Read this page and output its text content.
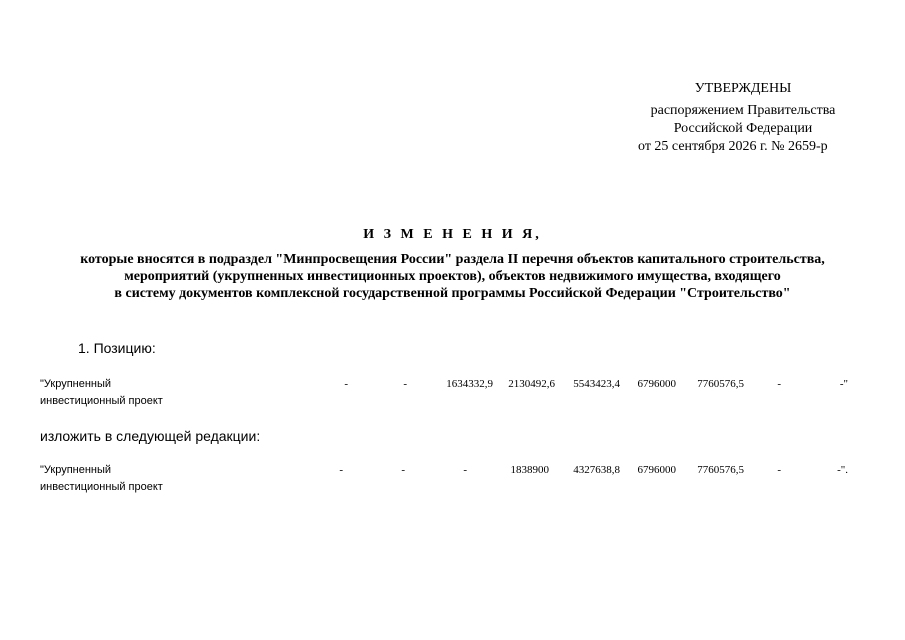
УТВЕРЖДЕНЫ
распоряжением Правительства
Российской Федерации
от 25 сентября 2026 г. № 2659-р
И З М Е Н Е Н И Я,
которые вносятся в подраздел "Минпросвещения России" раздела II перечня объектов капитального строительства,
мероприятий (укрупненных инвестиционных проектов), объектов недвижимого имущества, входящего
в систему документов комплексной государственной программы Российской Федерации "Строительство"
1. Позицию:
"Укрупненный
инвестиционный проект
-	-	1634332,9 2130492,6 5543423,4 6796000 7760576,5	-	-"
изложить в следующей редакции:
"Укрупненный
инвестиционный проект
-	-	-	1838900 4327638,8 6796000 7760576,5	-	-".
